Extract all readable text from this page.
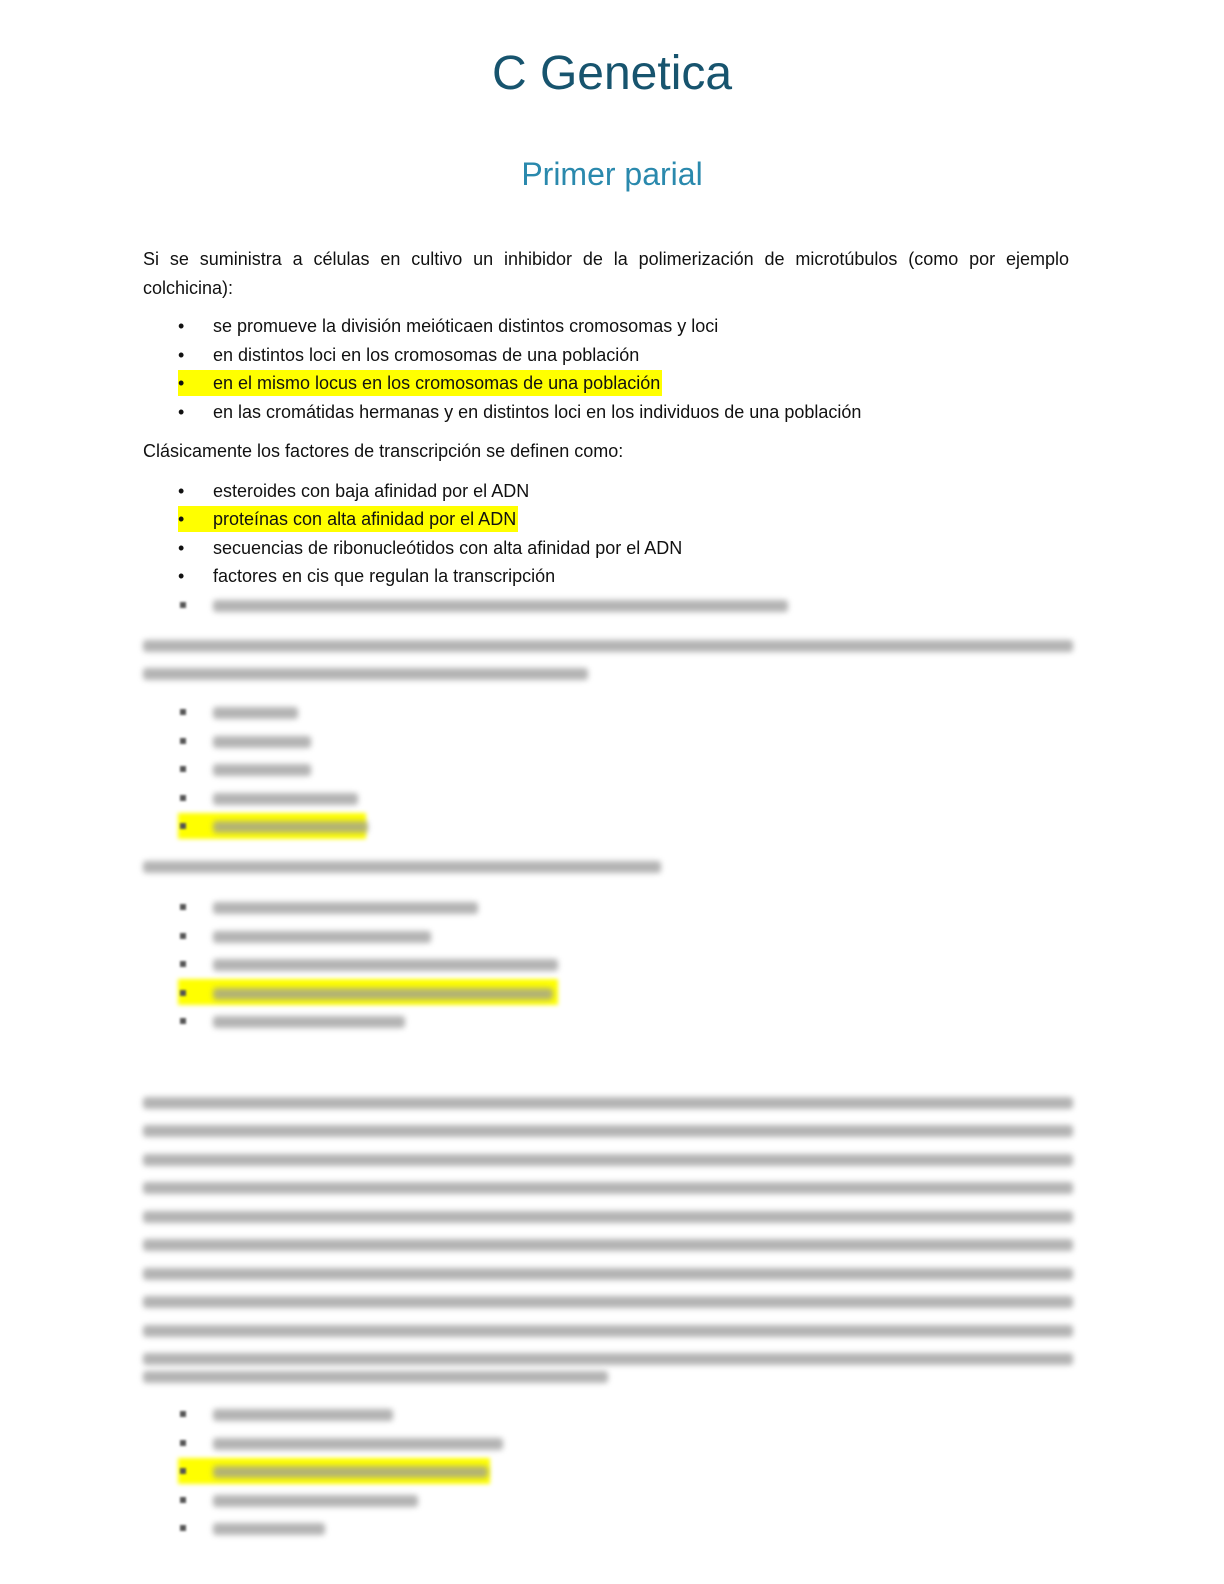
C Genetica
Primer parial
Si se suministra a células en cultivo un inhibidor de la polimerización de microtúbulos (como por ejemplo colchicina):
• se promueve la división meióticaen distintos cromosomas y loci
• en distintos loci en los cromosomas de una población
• en el mismo locus en los cromosomas de una población
• en las cromátidas hermanas y en distintos loci en los individuos de una población
Clásicamente los factores de transcripción se definen como:
• esteroides con baja afinidad por el ADN
• proteínas con alta afinidad por el ADN
• secuencias de ribonucleótidos con alta afinidad por el ADN
• factores en cis que regulan la transcripción
